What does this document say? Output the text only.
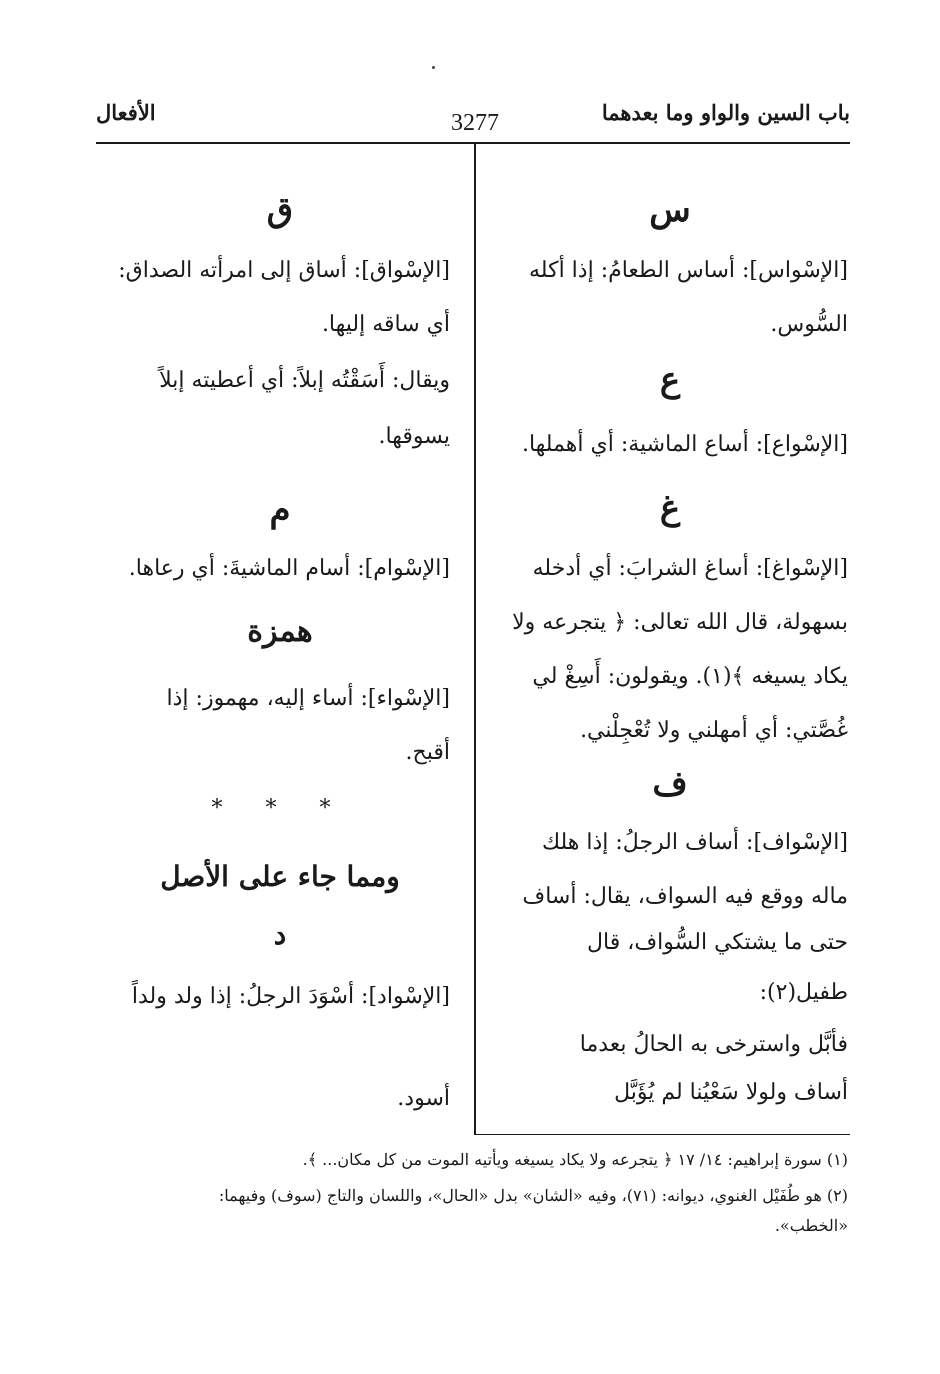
باب السين والواو وما بعدهما
3277
الأفعال
س
[الإسْواس]: أساس الطعامُ: إذا أكله
السُّوس.
ع
[الإسْواع]: أساع الماشية: أي أهملها.
غ
[الإسْواغ]: أساغ الشرابَ: أي أدخله
بسهولة، قال الله تعالى: ﴿ يتجرعه ولا
يكاد يسيغه ﴾(١). ويقولون: أَسِغْ لي
غُصَّتي: أي أمهلني ولا تُعْجِلْني.
ف
[الإسْواف]: أساف الرجلُ: إذا هلك
ماله ووقع فيه السواف، يقال: أساف
حتى ما يشتكي السُّواف، قال
طفيل(٢):
فأبَّل واسترخى به الحالُ بعدما
أساف ولولا سَعْيُنا لم يُؤَبَّل
ق
[الإسْواق]: أساق إلى امرأته الصداق:
أي ساقه إليها.
ويقال: أَسَقْتُه إبلاً: أي أعطيته إبلاً
يسوقها.
م
[الإسْوام]: أسام الماشيةَ: أي رعاها.
همزة
[الإسْواء]: أساء إليه، مهموز: إذا
أقبح.
* * *
ومما جاء على الأصل
د
[الإسْواد]: أسْوَدَ الرجلُ: إذا ولد ولداً
أسود.
(١) سورة إبراهيم: ١٤/ ١٧ ﴿ يتجرعه ولا يكاد يسيغه ويأتيه الموت من كل مكان... ﴾.
(٢) هو طُفَيْل الغنوي، ديوانه: (٧١)، وفيه «الشان» بدل «الحال»، واللسان والتاج (سوف) وفيهما:
«الخطب».
